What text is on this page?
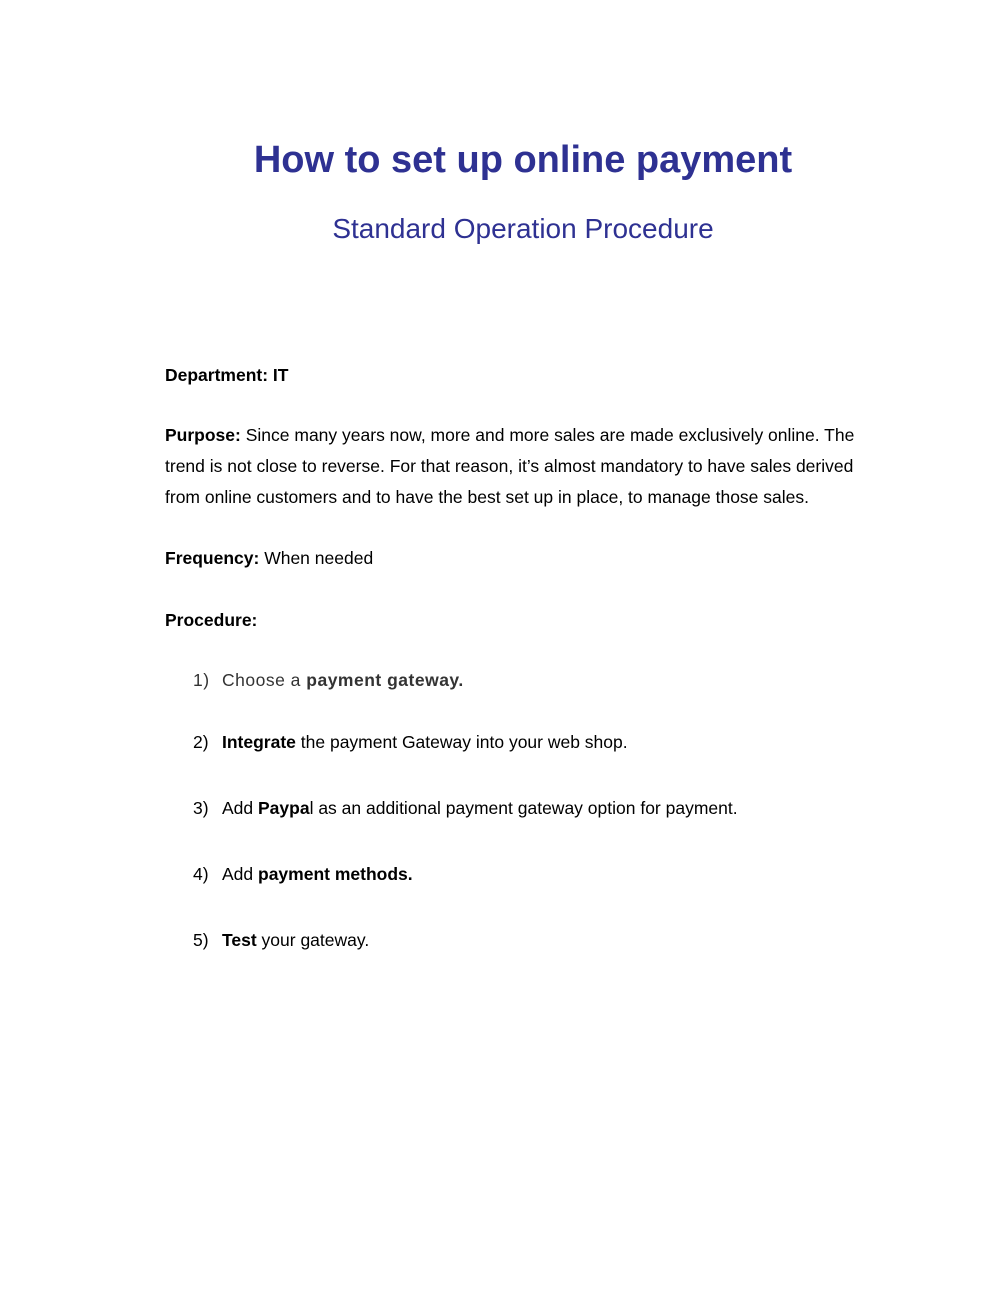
How to set up online payment
Standard Operation Procedure

Department: IT

Purpose: Since many years now, more and more sales are made exclusively online. The trend is not close to reverse. For that reason, it’s almost mandatory to have sales derived from online customers and to have the best set up in place, to manage those sales.

Frequency: When needed

Procedure:

1) Choose a payment gateway.
2) Integrate the payment Gateway into your web shop.
3) Add Paypal as an additional payment gateway option for payment.
4) Add payment methods.
5) Test your gateway.
